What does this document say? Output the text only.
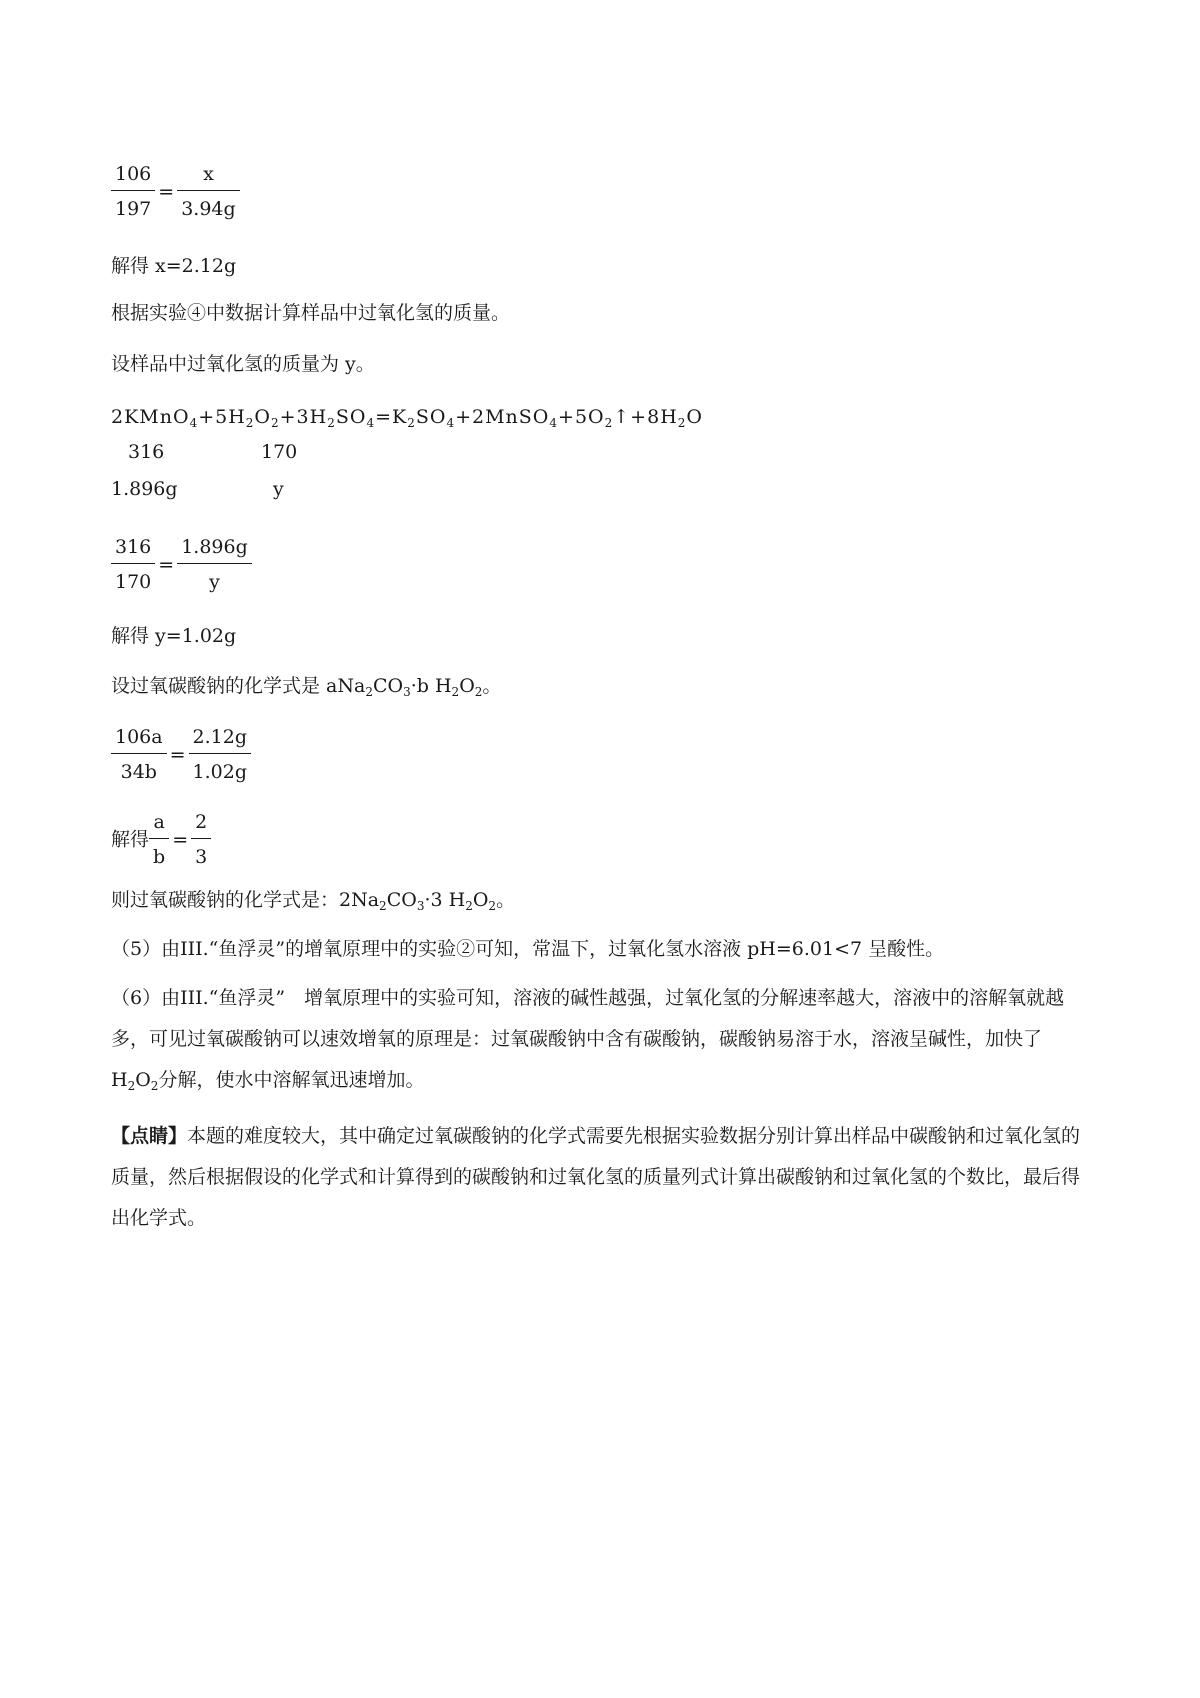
$\frac{106}{197} = \frac{x}{3.94g}$
解得 x=2.12g
根据实验④中数据计算样品中过氧化氢的质量。
设样品中过氧化氢的质量为 y。
$2KMnO_4+5H_2O_2+3H_2SO_4=K_2SO_4+2MnSO_4+5O_2↑+8H_2O$
316	170
1.896g	y
$\frac{316}{170} = \frac{1.896g}{y}$
解得 y=1.02g
设过氧碳酸钠的化学式是 $aNa_2CO_3\cdot b$ $H_2O_2$。
$\frac{106a}{34b} = \frac{2.12g}{1.02g}$
解得 $\frac{a}{b} = \frac{2}{3}$
则过氧碳酸钠的化学式是：$2Na_2CO_3\cdot 3$ $H_2O_2$。
（5）由III.“鱼浮灵”的增氧原理中的实验②可知，常温下，过氧化氢水溶液 pH=6.01<7 呈酸性。
（6）由III.“鱼浮灵”　增氧原理中的实验可知，溶液的碱性越强，过氧化氢的分解速率越大，溶液中的溶解氧就越多，可见过氧碳酸钠可以速效增氧的原理是：过氧碳酸钠中含有碳酸钠，碳酸钠易溶于水，溶液呈碱性，加快了 $H_2O_2$分解，使水中溶解氧迅速增加。
【点睛】本题的难度较大，其中确定过氧碳酸钠的化学式需要先根据实验数据分别计算出样品中碳酸钠和过氧化氢的质量，然后根据假设的化学式和计算得到的碳酸钠和过氧化氢的质量列式计算出碳酸钠和过氧化氢的个数比，最后得出化学式。
